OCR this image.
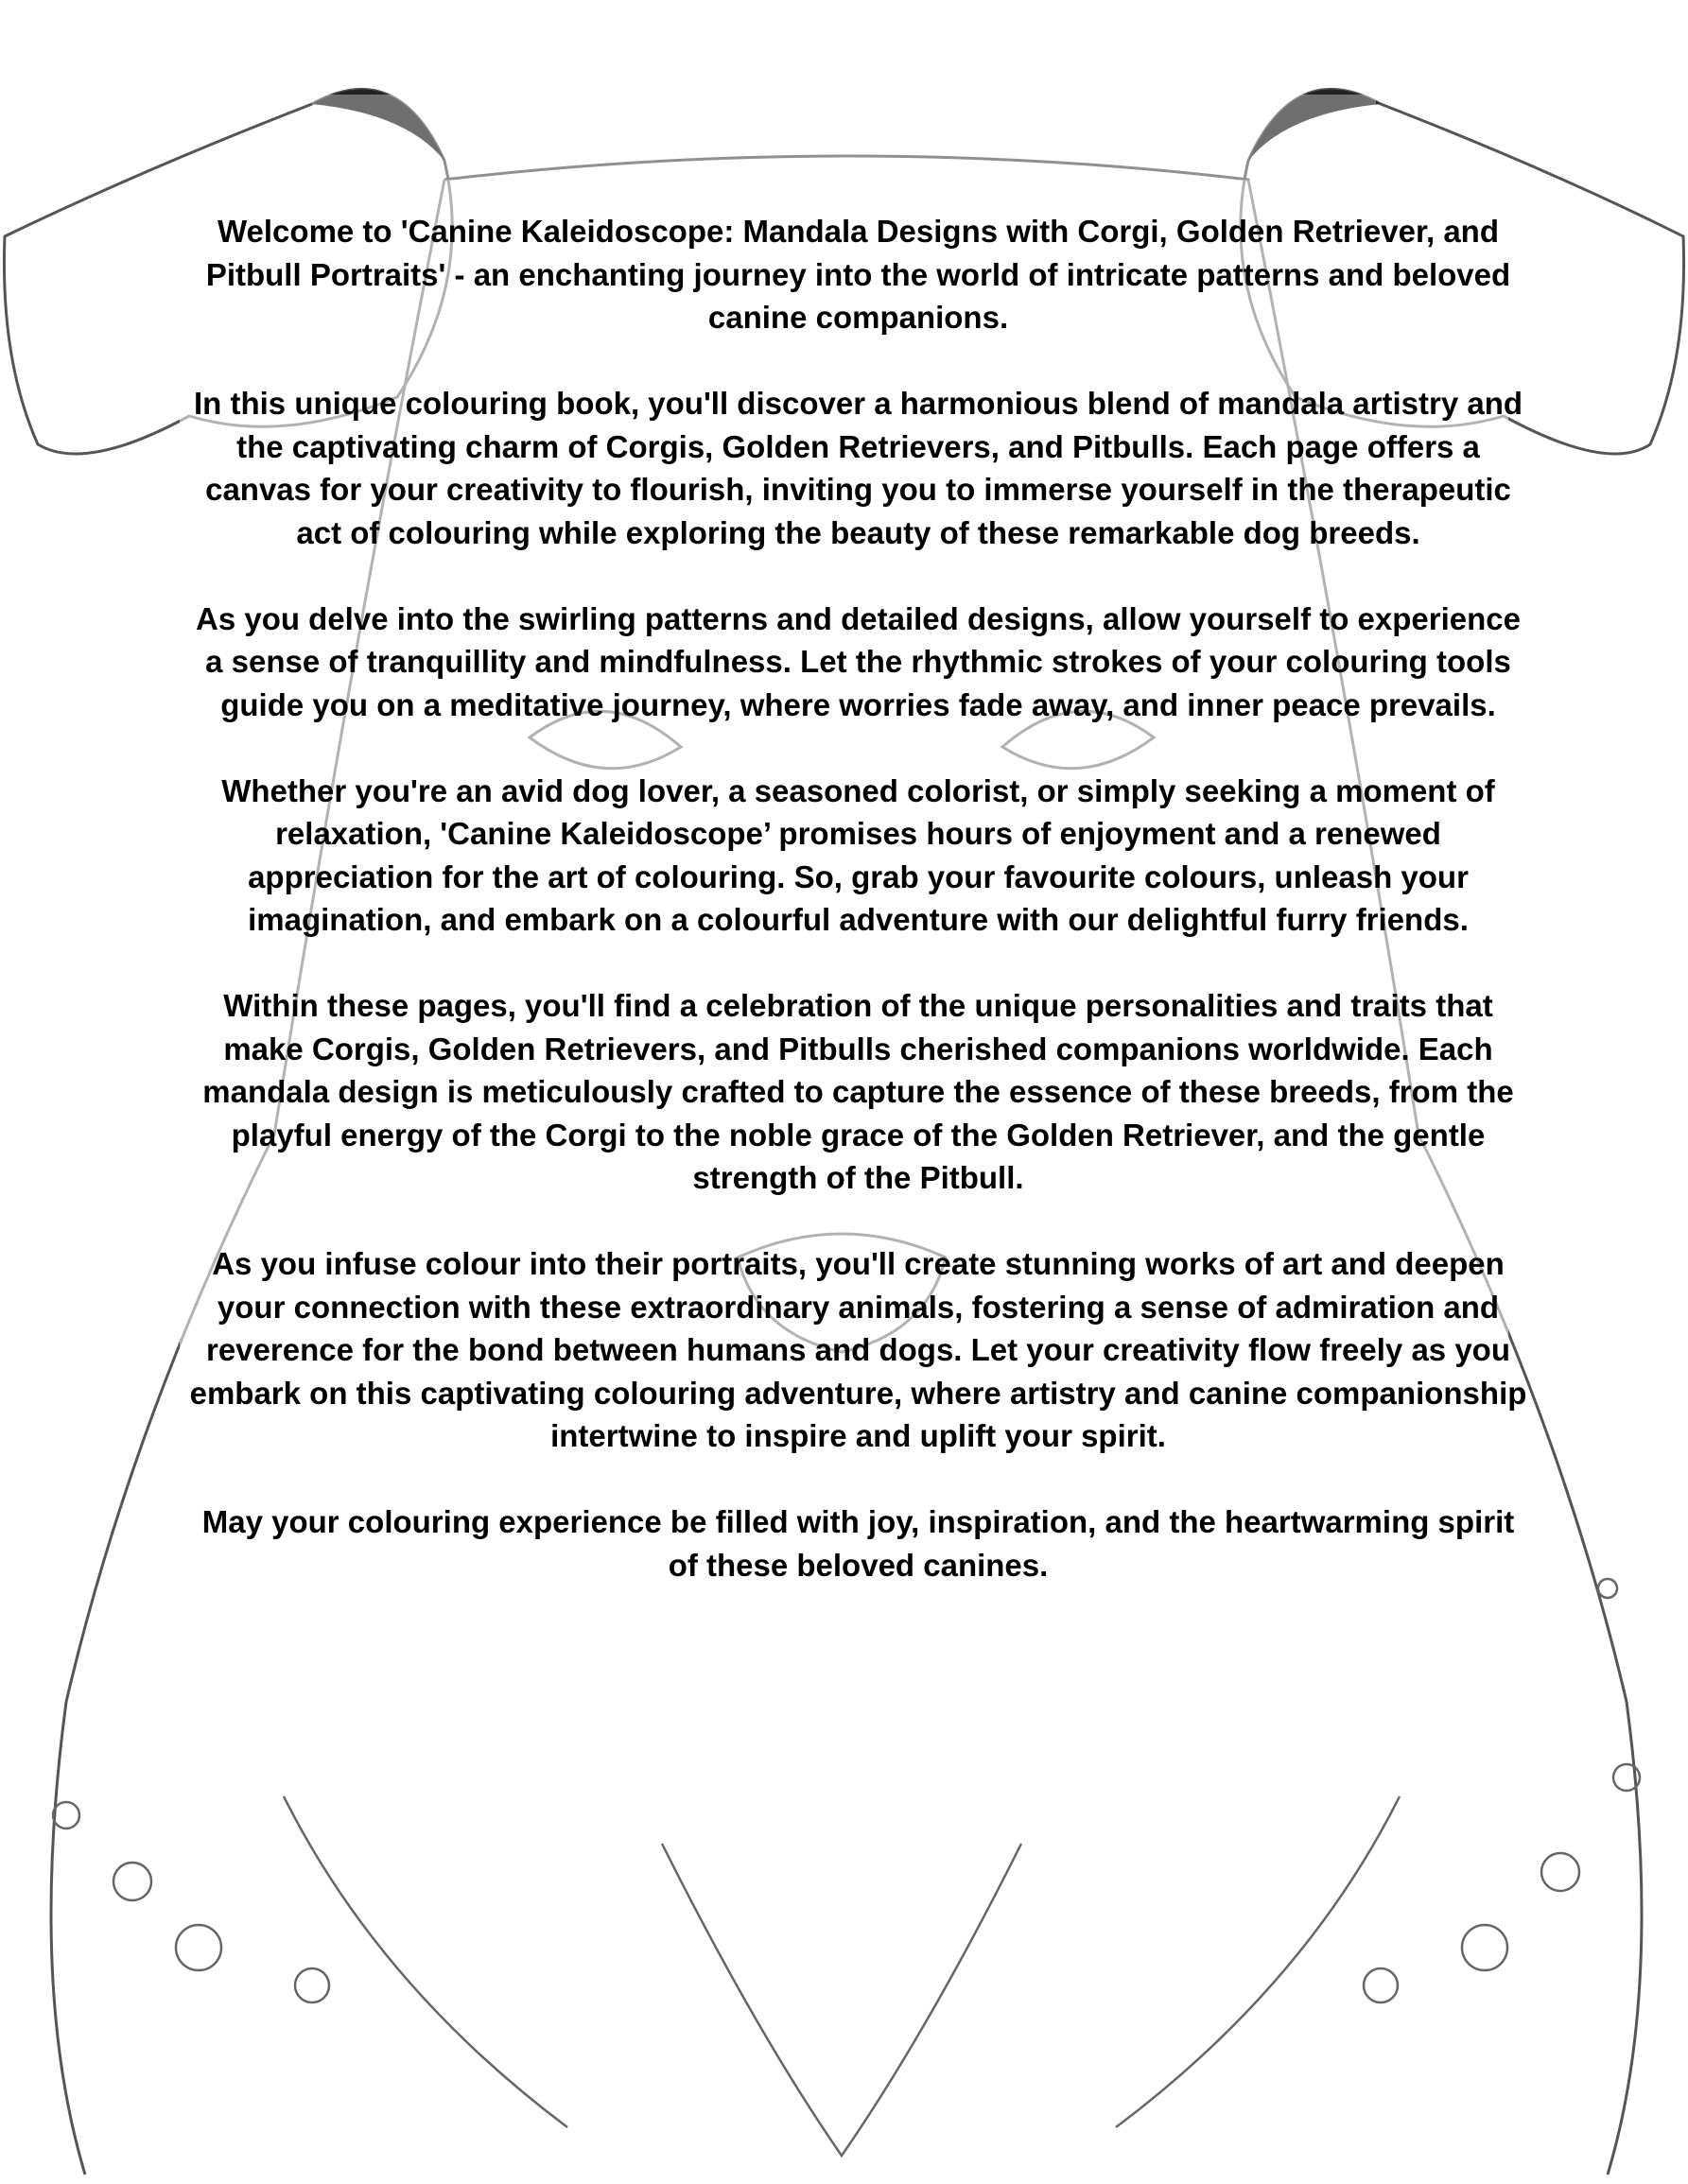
Welcome to 'Canine Kaleidoscope: Mandala Designs with Corgi, Golden Retriever, and Pitbull Portraits' - an enchanting journey into the world of intricate patterns and beloved canine companions.

In this unique colouring book, you'll discover a harmonious blend of mandala artistry and the captivating charm of Corgis, Golden Retrievers, and Pitbulls. Each page offers a canvas for your creativity to flourish, inviting you to immerse yourself in the therapeutic act of colouring while exploring the beauty of these remarkable dog breeds.

As you delve into the swirling patterns and detailed designs, allow yourself to experience a sense of tranquillity and mindfulness. Let the rhythmic strokes of your colouring tools guide you on a meditative journey, where worries fade away, and inner peace prevails.

Whether you're an avid dog lover, a seasoned colorist, or simply seeking a moment of relaxation, 'Canine Kaleidoscope’ promises hours of enjoyment and a renewed appreciation for the art of colouring. So, grab your favourite colours, unleash your imagination, and embark on a colourful adventure with our delightful furry friends.

Within these pages, you'll find a celebration of the unique personalities and traits that make Corgis, Golden Retrievers, and Pitbulls cherished companions worldwide. Each mandala design is meticulously crafted to capture the essence of these breeds, from the playful energy of the Corgi to the noble grace of the Golden Retriever, and the gentle strength of the Pitbull.

As you infuse colour into their portraits, you'll create stunning works of art and deepen your connection with these extraordinary animals, fostering a sense of admiration and reverence for the bond between humans and dogs. Let your creativity flow freely as you embark on this captivating colouring adventure, where artistry and canine companionship intertwine to inspire and uplift your spirit.

May your colouring experience be filled with joy, inspiration, and the heartwarming spirit of these beloved canines.
